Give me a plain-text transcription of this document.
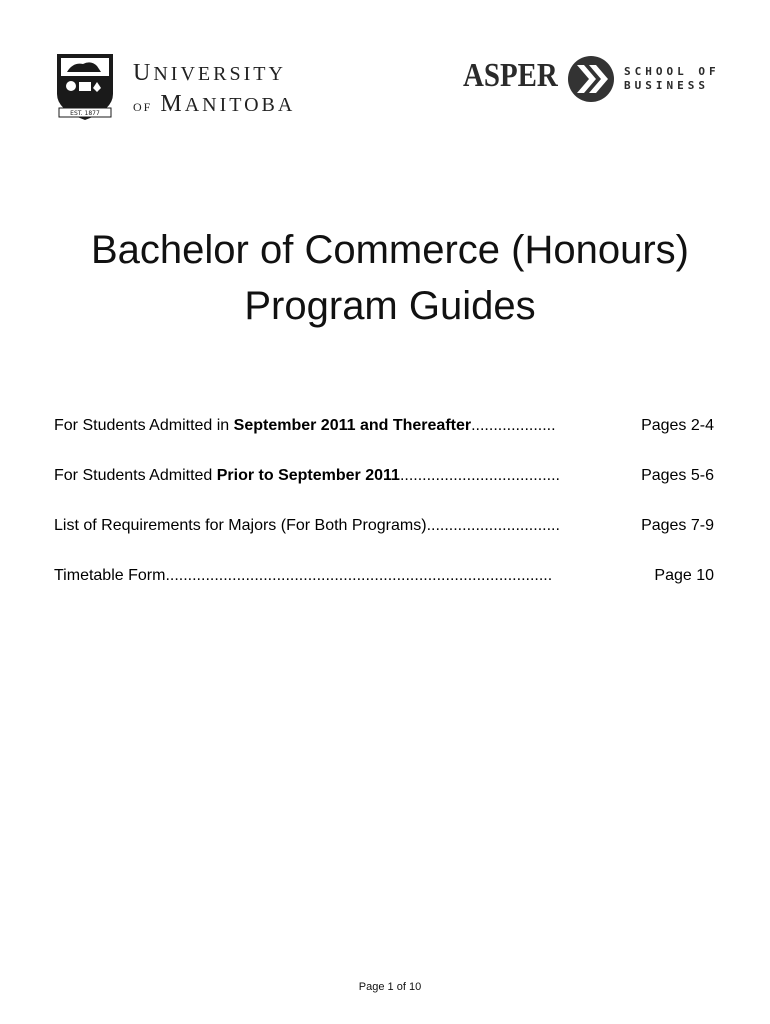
EST. 1877
UNIVERSITY
OF MANITOBA
ASPER	SCHOOL OF
BUSINESS
Bachelor of Commerce (Honours)
Program Guides
For Students Admitted in September 2011 and Thereafter ...................	Pages 2-4
For Students Admitted Prior to September 2011 ....................................	Pages 5-6
List of Requirements for Majors (For Both Programs) ..............................	Pages 7-9
Timetable Form .......................................................................................	Page 10
Page 1 of 10
